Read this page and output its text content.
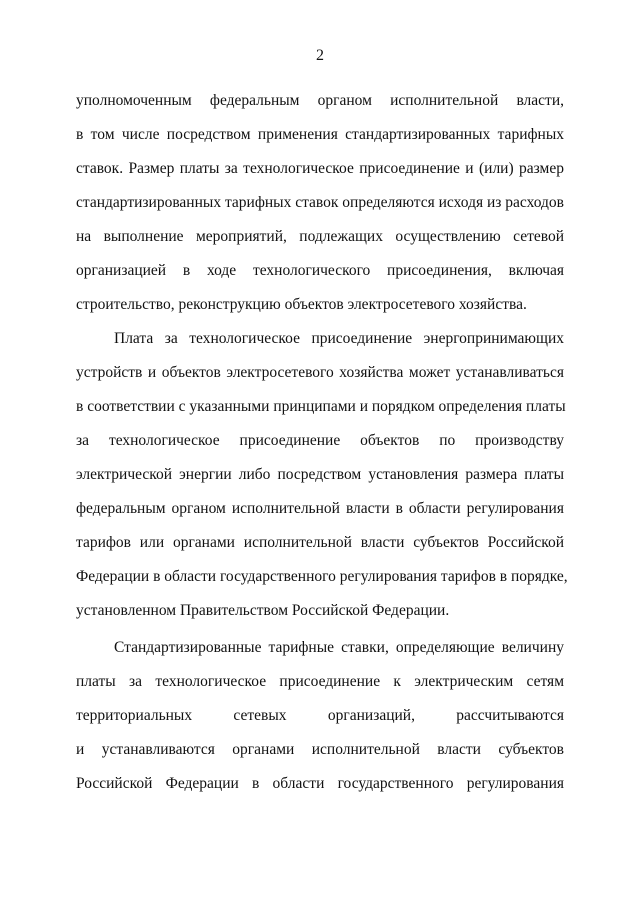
2
уполномоченным федеральным органом исполнительной власти,
в том числе посредством применения стандартизированных тарифных
ставок. Размер платы за технологическое присоединение и (или) размер
стандартизированных тарифных ставок определяются исходя из расходов
на выполнение мероприятий, подлежащих осуществлению сетевой
организацией в ходе технологического присоединения, включая
строительство, реконструкцию объектов электросетевого хозяйства.
Плата за технологическое присоединение энергопринимающих
устройств и объектов электросетевого хозяйства может устанавливаться
в соответствии с указанными принципами и порядком определения платы
за технологическое присоединение объектов по производству
электрической энергии либо посредством установления размера платы
федеральным органом исполнительной власти в области регулирования
тарифов или органами исполнительной власти субъектов Российской
Федерации в области государственного регулирования тарифов в порядке,
установленном Правительством Российской Федерации.
Стандартизированные тарифные ставки, определяющие величину
платы за технологическое присоединение к электрическим сетям
территориальных сетевых организаций, рассчитываются
и устанавливаются органами исполнительной власти субъектов
Российской Федерации в области государственного регулирования
